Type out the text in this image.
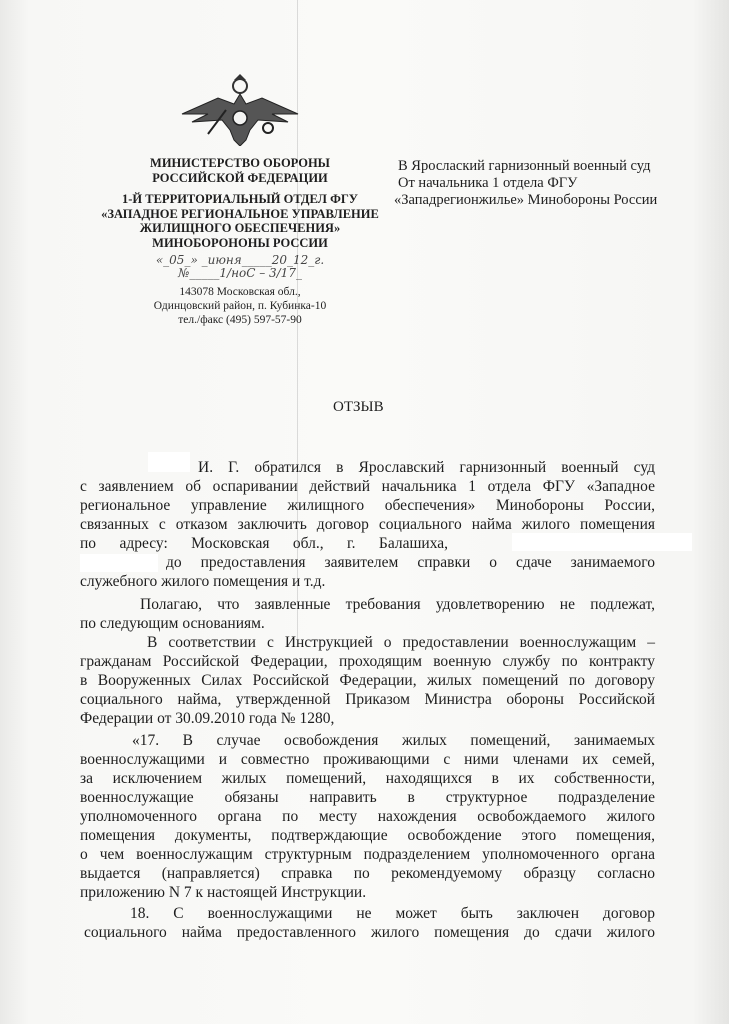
МИНИСТЕРСТВО ОБОРОНЫ
РОССИЙСКОЙ ФЕДЕРАЦИИ
1-Й ТЕРРИТОРИАЛЬНЫЙ ОТДЕЛ ФГУ
«ЗАПАДНОЕ РЕГИОНАЛЬНОЕ УПРАВЛЕНИЕ
ЖИЛИЩНОГО ОБЕСПЕЧЕНИЯ»
МИНОБОРОНОНЫ РОССИИ
«_05_» _июня_____20_12_г.
№_____1/ноС – 3/17_
143078 Московская обл.,
Одинцовский район, п. Кубинка-10
тел./факс (495) 597-57-90
В Ярослаский гарнизонный военный суд
От начальника 1 отдела ФГУ
«Западрегионжилье» Минобороны России
ОТЗЫВ
И. Г. обратился в Ярославский гарнизонный военный суд
с заявлением об оспаривании действий начальника 1 отдела ФГУ «Западное
региональное управление жилищного обеспечения» Минобороны России,
связанных с отказом заключить договор социального найма жилого помещения
по адресу: Московская обл., г. Балашиха,
до предоставления заявителем справки о сдаче занимаемого
служебного жилого помещения и т.д.
Полагаю, что заявленные требования удовлетворению не подлежат,
по следующим основаниям.
В соответствии с Инструкцией о предоставлении военнослужащим –
гражданам Российской Федерации, проходящим военную службу по контракту
в Вооруженных Силах Российской Федерации, жилых помещений по договору
социального найма, утвержденной Приказом Министра обороны Российской
Федерации от 30.09.2010 года № 1280,
«17. В случае освобождения жилых помещений, занимаемых
военнослужащими и совместно проживающими с ними членами их семей,
за исключением жилых помещений, находящихся в их собственности,
военнослужащие обязаны направить в структурное подразделение
уполномоченного органа по месту нахождения освобождаемого жилого
помещения документы, подтверждающие освобождение этого помещения,
о чем военнослужащим структурным подразделением уполномоченного органа
выдается (направляется) справка по рекомендуемому образцу согласно
приложению N 7 к настоящей Инструкции.
18. С военнослужащими не может быть заключен договор
социального найма предоставленного жилого помещения до сдачи жилого
